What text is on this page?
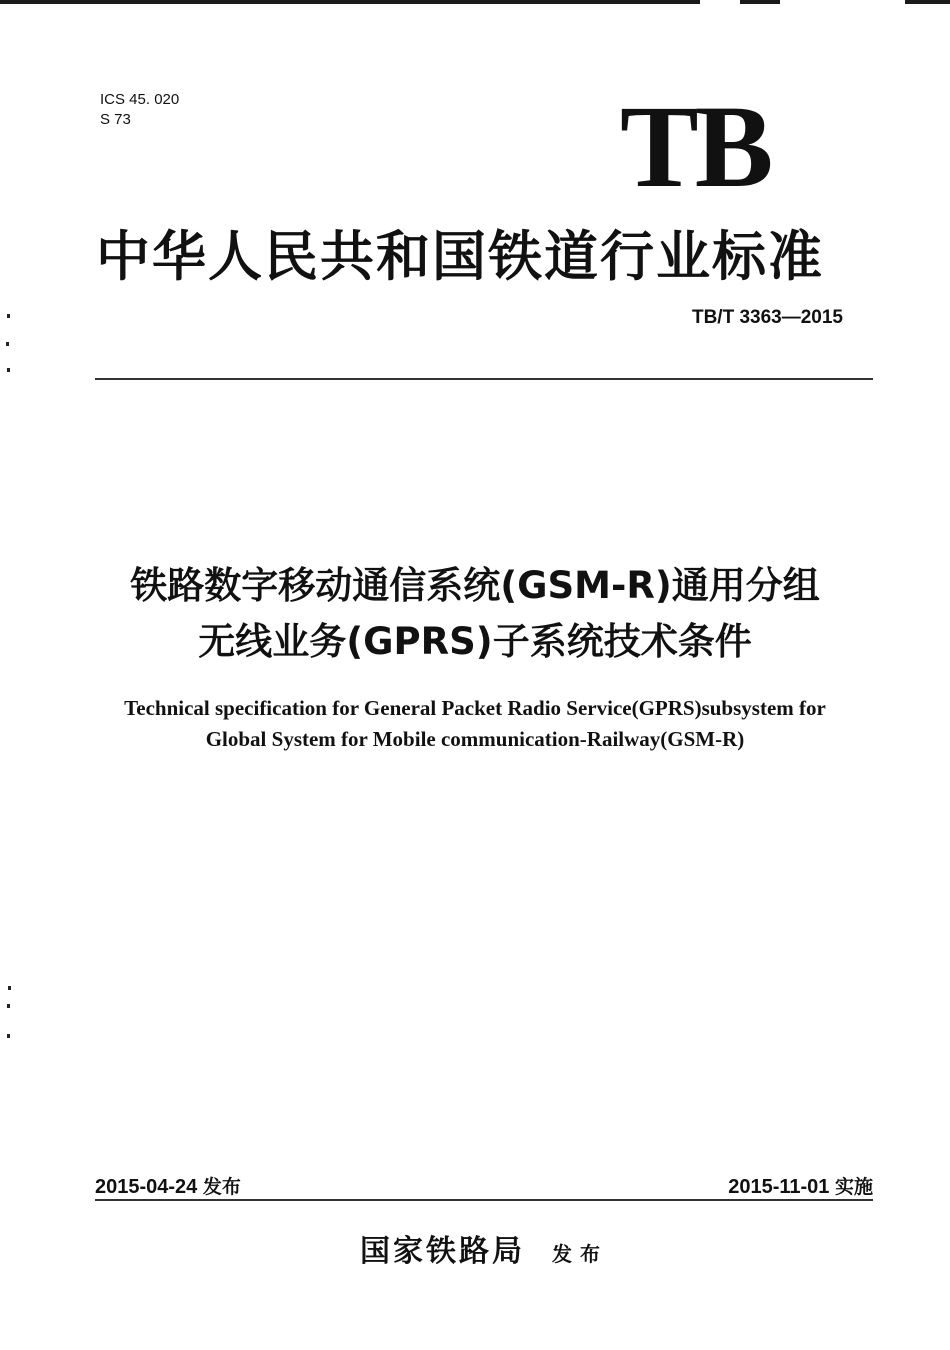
ICS 45. 020
S 73	TB
中华人民共和国铁道行业标准
TB/T 3363—2015
铁路数字移动通信系统(GSM-R)通用分组
无线业务(GPRS)子系统技术条件
Technical specification for General Packet Radio Service(GPRS)subsystem for
Global System for Mobile communication-Railway(GSM-R)
2015-04-24 发布	2015-11-01 实施
国家铁路局 发布
